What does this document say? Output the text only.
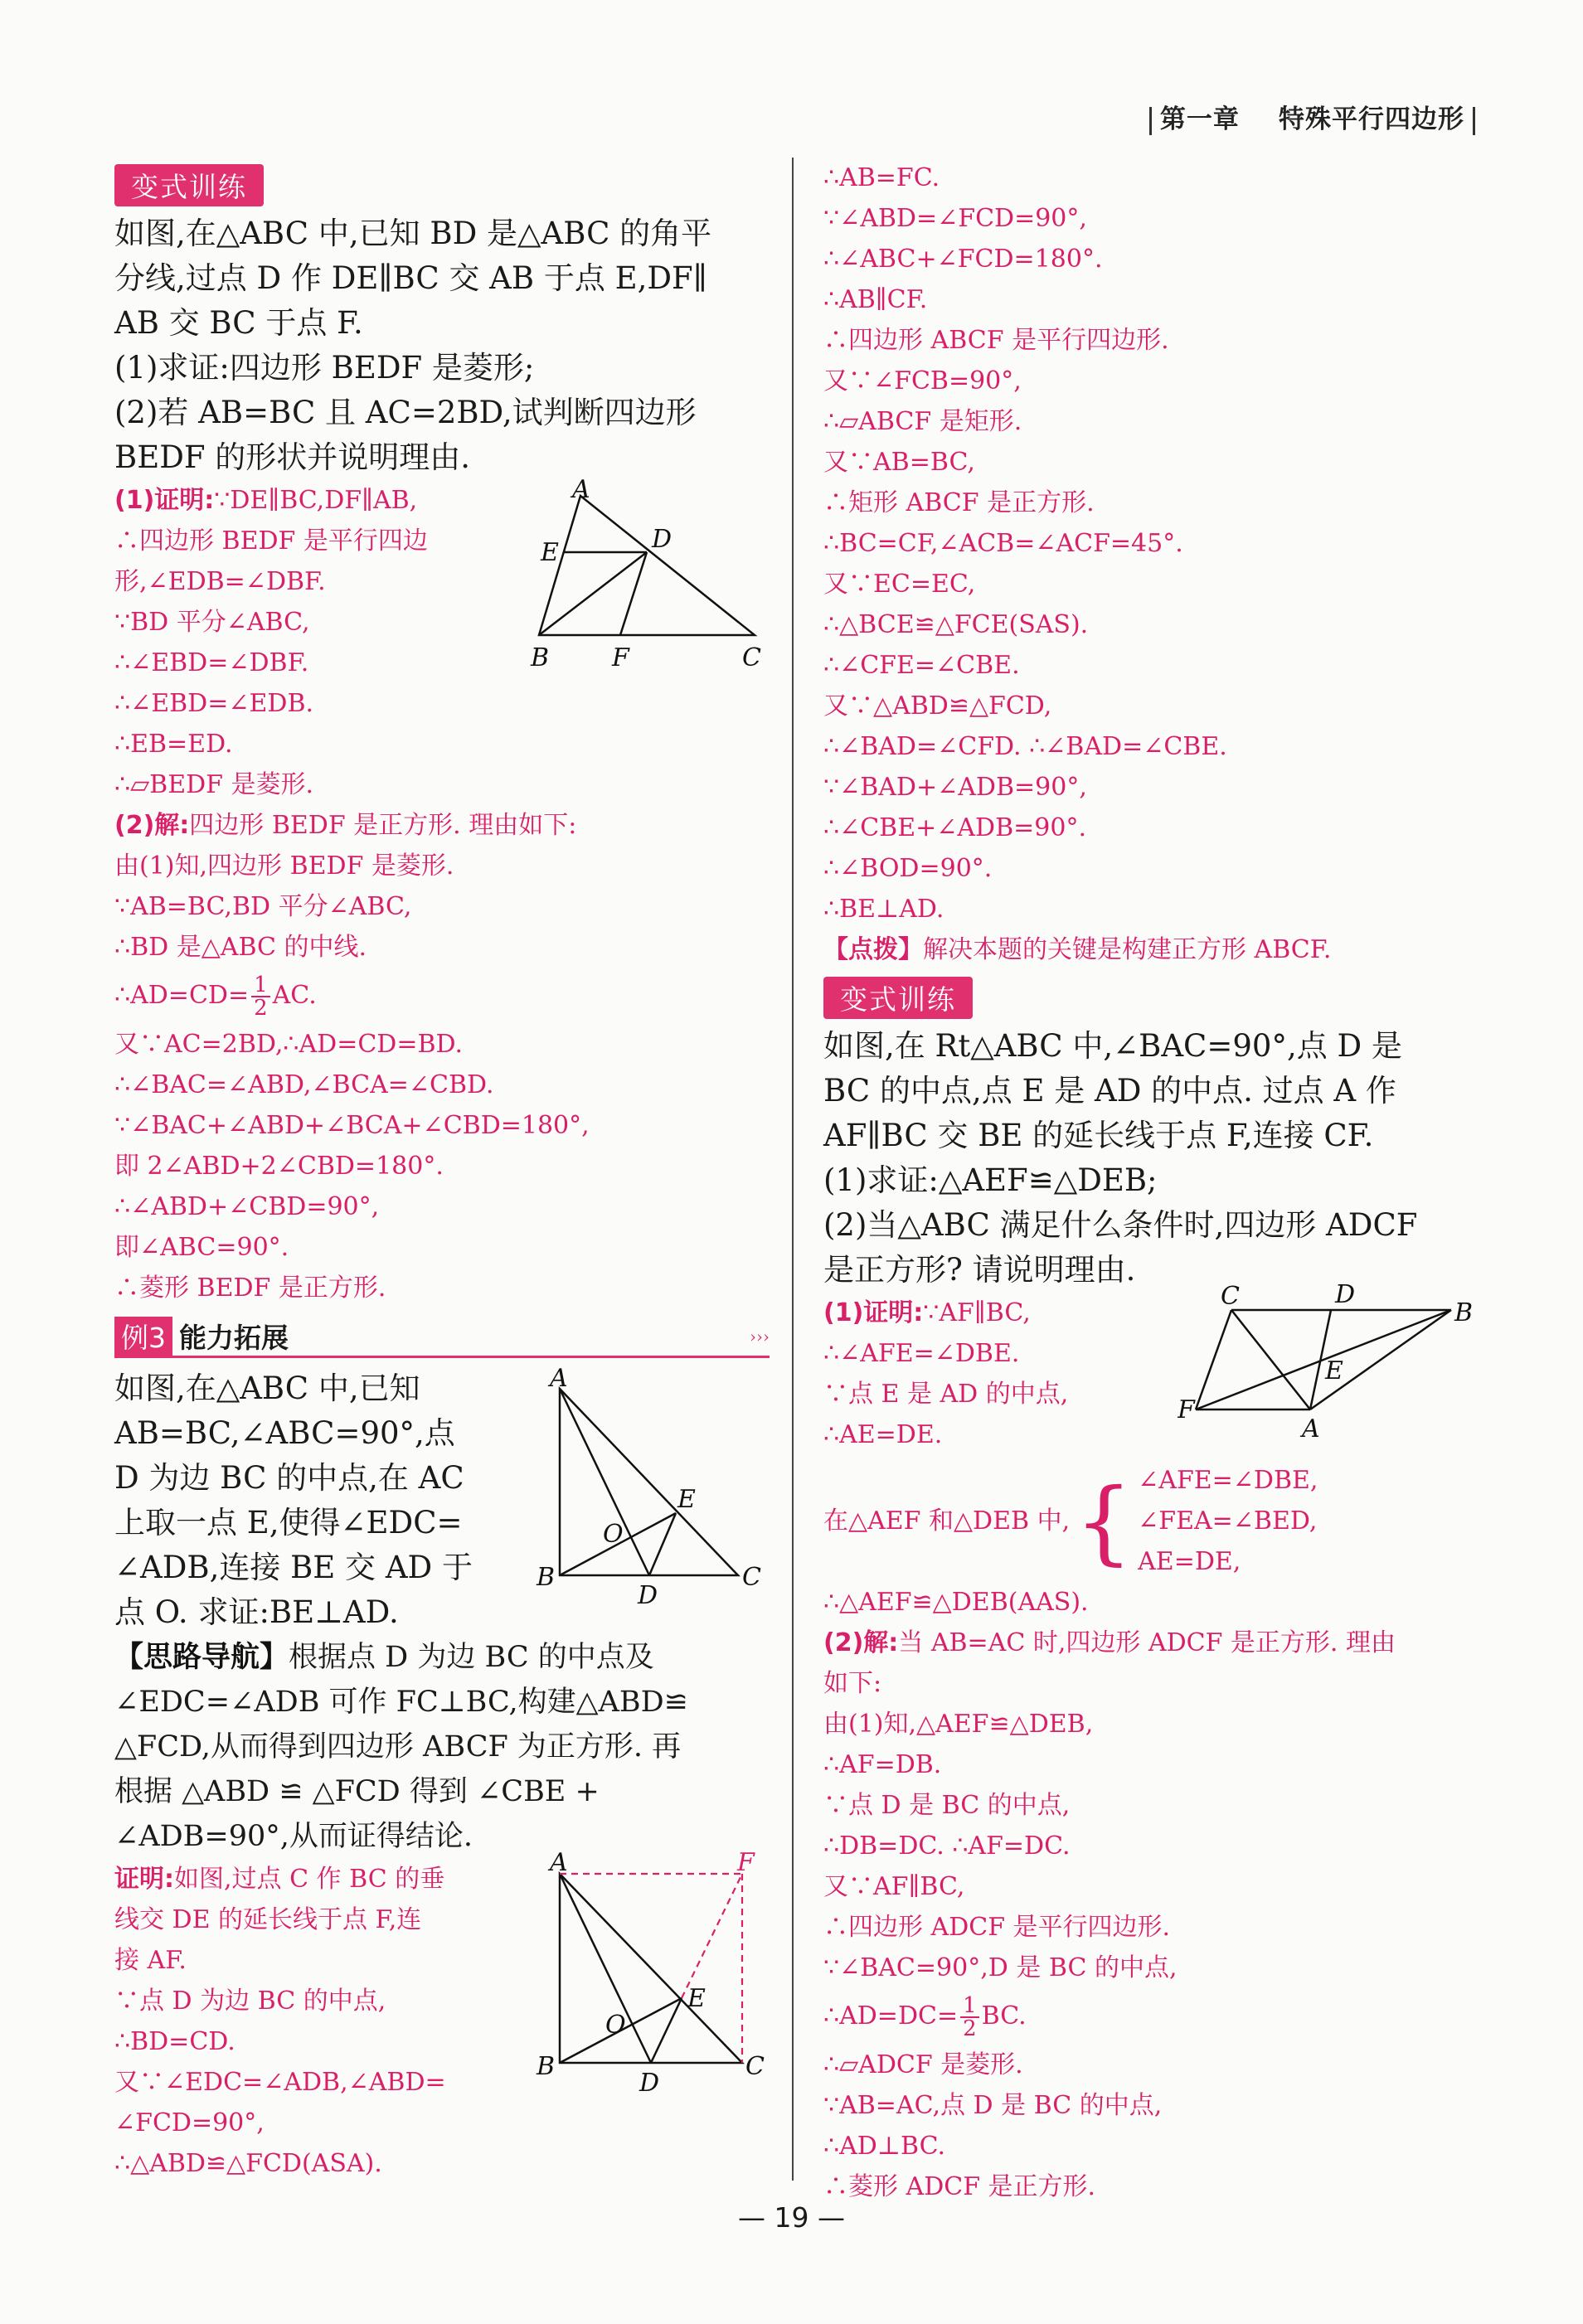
第一章 特殊平行四边形
变式训练
如图,在△ABC 中,已知 BD 是△ABC 的角平
分线,过点 D 作 DE∥BC 交 AB 于点 E,DF∥
AB 交 BC 于点 F.
(1)求证:四边形 BEDF 是菱形;
(2)若 AB=BC 且 AC=2BD,试判断四边形
BEDF 的形状并说明理由.
(1)证明:∵DE∥BC,DF∥AB,
∴四边形 BEDF 是平行四边
形,∠EDB=∠DBF.
∵BD 平分∠ABC,
∴∠EBD=∠DBF.
∴∠EBD=∠EDB.
∴EB=ED.
∴▱BEDF 是菱形.
(2)解:四边形 BEDF 是正方形. 理由如下:
由(1)知,四边形 BEDF 是菱形.
∵AB=BC,BD 平分∠ABC,
∴BD 是△ABC 的中线.
∴AD=CD= $\frac{1}{2}$ AC.
又∵AC=2BD,∴AD=CD=BD.
∴∠BAC=∠ABD,∠BCA=∠CBD.
∵∠BAC+∠ABD+∠BCA+∠CBD=180°,
即 2∠ABD+2∠CBD=180°.
∴∠ABD+∠CBD=90°,
即∠ABC=90°.
∴菱形 BEDF 是正方形.
例3 能力拓展	›››
如图,在△ABC 中,已知
AB=BC,∠ABC=90°,点
D 为边 BC 的中点,在 AC
上取一点 E,使得∠EDC=
∠ADB,连接 BE 交 AD 于
点 O. 求证:BE⊥AD.
【思路导航】根据点 D 为边 BC 的中点及
∠EDC=∠ADB 可作 FC⊥BC,构建△ABD≌
△FCD,从而得到四边形 ABCF 为正方形. 再
根据 △ABD ≌ △FCD 得到 ∠CBE +
∠ADB=90°,从而证得结论.
证明:如图,过点 C 作 BC 的垂
线交 DE 的延长线于点 F,连
接 AF.
∵点 D 为边 BC 的中点,
∴BD=CD.
又∵∠EDC=∠ADB,∠ABD=
∠FCD=90°,
∴△ABD≌△FCD(ASA).
A
E	D
B	F	C
A
E
O
B
D
C
A	F
E
O
B
D
C
∴AB=FC.
∵∠ABD=∠FCD=90°,
∴∠ABC+∠FCD=180°.
∴AB∥CF.
∴四边形 ABCF 是平行四边形.
又∵∠FCB=90°,
∴▱ABCF 是矩形.
又∵AB=BC,
∴矩形 ABCF 是正方形.
∴BC=CF,∠ACB=∠ACF=45°.
又∵EC=EC,
∴△BCE≌△FCE(SAS).
∴∠CFE=∠CBE.
又∵△ABD≌△FCD,
∴∠BAD=∠CFD. ∴∠BAD=∠CBE.
∵∠BAD+∠ADB=90°,
∴∠CBE+∠ADB=90°.
∴∠BOD=90°.
∴BE⊥AD.
【点拨】解决本题的关键是构建正方形 ABCF.
变式训练
如图,在 Rt△ABC 中,∠BAC=90°,点 D 是
BC 的中点,点 E 是 AD 的中点. 过点 A 作
AF∥BC 交 BE 的延长线于点 F,连接 CF.
(1)求证:△AEF≌△DEB;
(2)当△ABC 满足什么条件时,四边形 ADCF
是正方形? 请说明理由.
(1)证明:∵AF∥BC,
∴∠AFE=∠DBE.
∵点 E 是 AD 的中点,
∴AE=DE.
在△AEF 和△DEB 中, { ∠AFE=∠DBE,
∠FEA=∠BED,
AE=DE,
∴△AEF≌△DEB(AAS).
(2)解:当 AB=AC 时,四边形 ADCF 是正方形. 理由
如下:
由(1)知,△AEF≌△DEB,
∴AF=DB.
∵点 D 是 BC 的中点,
∴DB=DC. ∴AF=DC.
又∵AF∥BC,
∴四边形 ADCF 是平行四边形.
∵∠BAC=90°,D 是 BC 的中点,
∴AD=DC= $\frac{1}{2}$ BC.
∴▱ADCF 是菱形.
∵AB=AC,点 D 是 BC 的中点,
∴AD⊥BC.
∴菱形 ADCF 是正方形.
C	D
B
E
F
A
— 19 —
